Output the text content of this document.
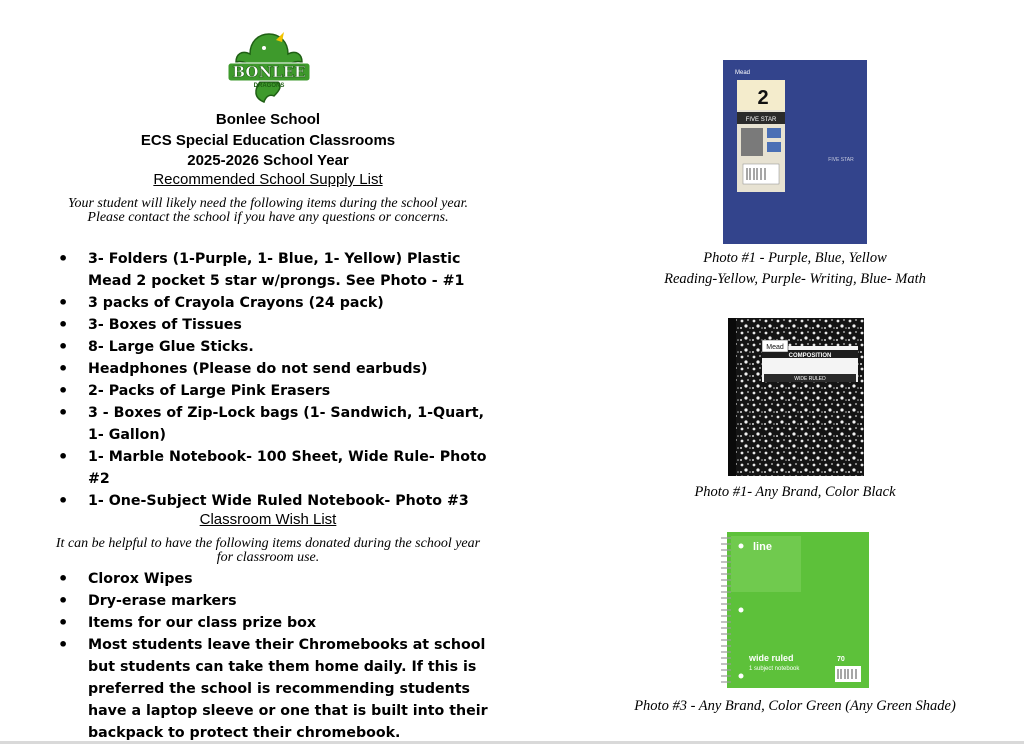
BONLEE
DRAGONS
Bonlee School
ECS Special Education Classrooms
2025-2026 School Year
Recommended School Supply List
Your student will likely need the following items during the school year.
Please contact the school if you have any questions or concerns.
• 3- Folders (1-Purple, 1- Blue, 1- Yellow) Plastic Mead 2 pocket 5 star w/prongs. See Photo - #1
• 3 packs of Crayola Crayons (24 pack)
• 3- Boxes of Tissues
• 8- Large Glue Sticks.
• Headphones (Please do not send earbuds)
• 2- Packs of Large Pink Erasers
• 3 - Boxes of Zip-Lock bags (1- Sandwich, 1-Quart, 1- Gallon)
• 1- Marble Notebook- 100 Sheet, Wide Rule- Photo #2
• 1- One-Subject Wide Ruled Notebook- Photo #3
Classroom Wish List
It can be helpful to have the following items donated during the school year
for classroom use.
• Clorox Wipes
• Dry-erase markers
• Items for our class prize box
• Most students leave their Chromebooks at school but students can take them home daily. If this is preferred the school is recommending students have a laptop sleeve or one that is built into their backpack to protect their chromebook.
Mead
2
FIVE STAR
FIVE STAR
Photo #1 - Purple, Blue, Yellow
Reading-Yellow, Purple- Writing, Blue- Math
COMPOSITION
WIDE RULED
Mead
Photo #1- Any Brand, Color Black
line
wide ruled
1 subject notebook
70
Photo #3 - Any Brand, Color Green (Any Green Shade)
